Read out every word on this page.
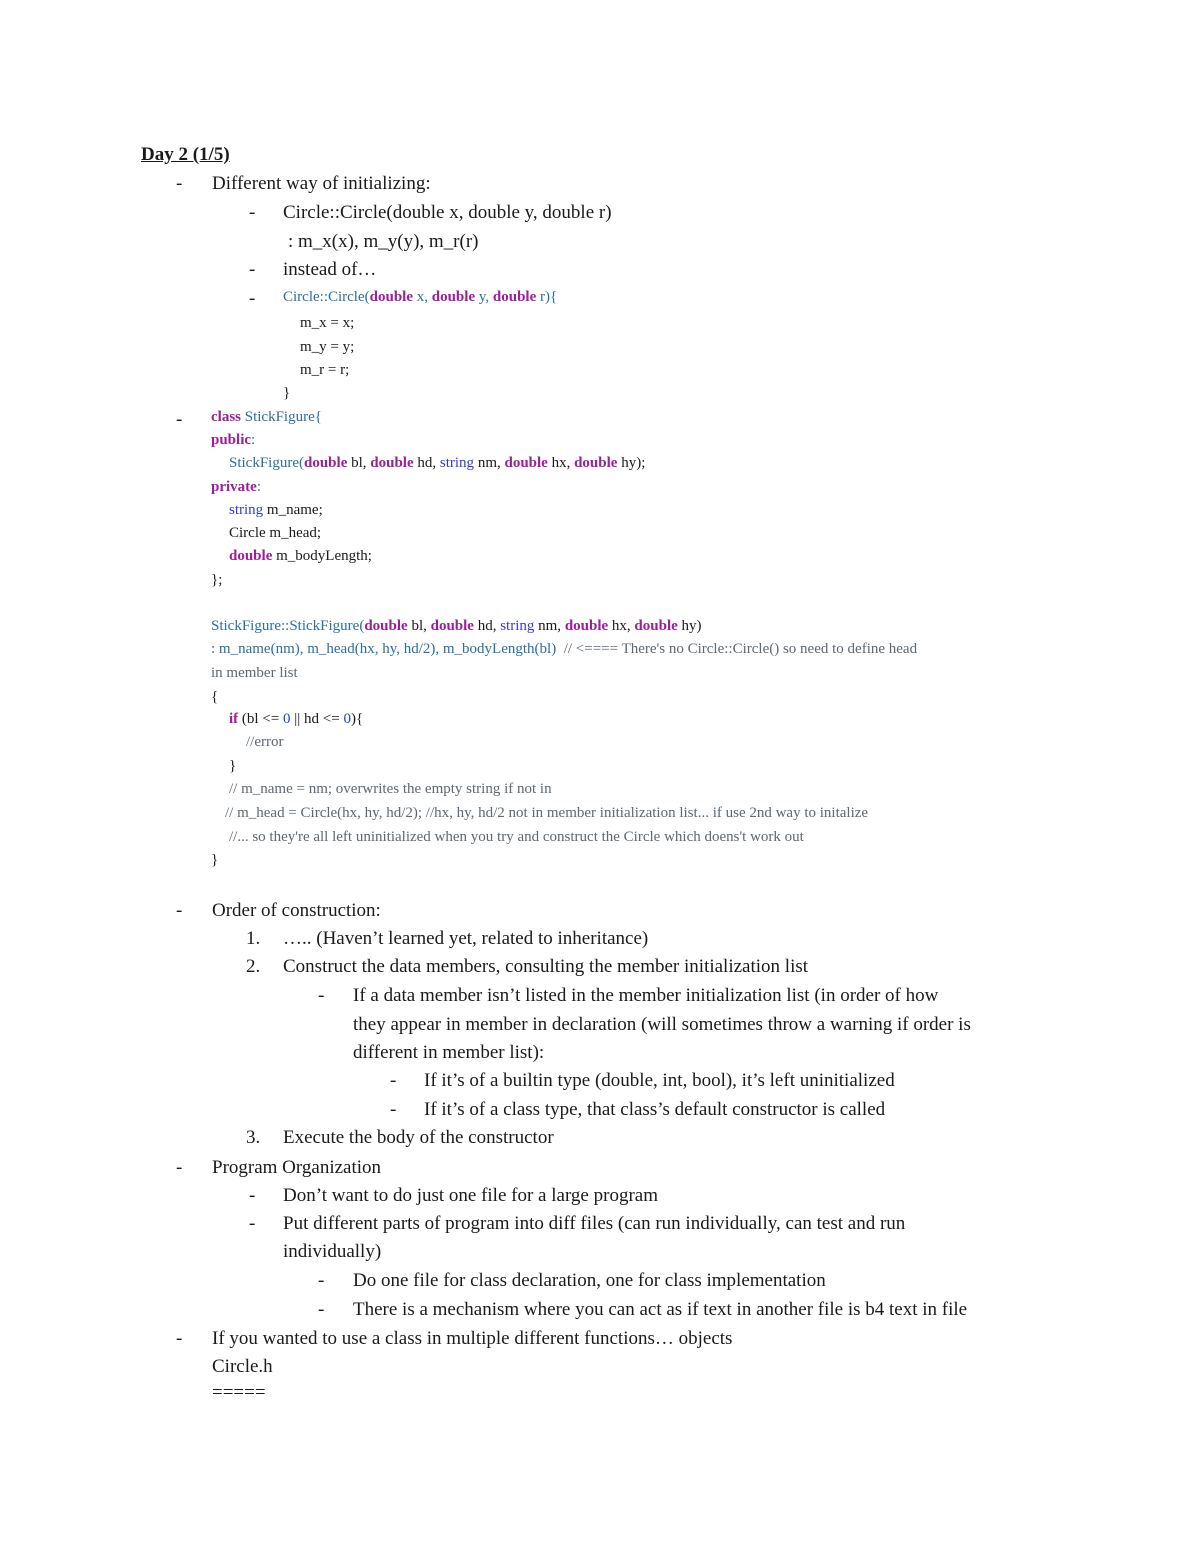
Day 2 (1/5)
- Different way of initializing:
- Circle::Circle(double x, double y, double r)
: m_x(x), m_y(y), m_r(r)
- instead of…
- Circle::Circle(double x, double y, double r){
m_x = x;
m_y = y;
m_r = r;
}
- class StickFigure{
public:
StickFigure(double bl, double hd, string nm, double hx, double hy);
private:
string m_name;
Circle m_head;
double m_bodyLength;
};
StickFigure::StickFigure(double bl, double hd, string nm, double hx, double hy)
: m_name(nm), m_head(hx, hy, hd/2), m_bodyLength(bl)  // <==== There's no Circle::Circle() so need to define head
in member list
{
if (bl <= 0 || hd <= 0){
//error
}
// m_name = nm; overwrites the empty string if not in
// m_head = Circle(hx, hy, hd/2); //hx, hy, hd/2 not in member initialization list... if use 2nd way to initalize
//... so they're all left uninitialized when you try and construct the Circle which doens't work out
}
- Order of construction:
1. ….. (Haven’t learned yet, related to inheritance)
2. Construct the data members, consulting the member initialization list
- If a data member isn’t listed in the member initialization list (in order of how
they appear in member in declaration (will sometimes throw a warning if order is
different in member list):
- If it’s of a builtin type (double, int, bool), it’s left uninitialized
- If it’s of a class type, that class’s default constructor is called
3. Execute the body of the constructor
- Program Organization
- Don’t want to do just one file for a large program
- Put different parts of program into diff files (can run individually, can test and run
individually)
- Do one file for class declaration, one for class implementation
- There is a mechanism where you can act as if text in another file is b4 text in file
- If you wanted to use a class in multiple different functions… objects
Circle.h
=====
